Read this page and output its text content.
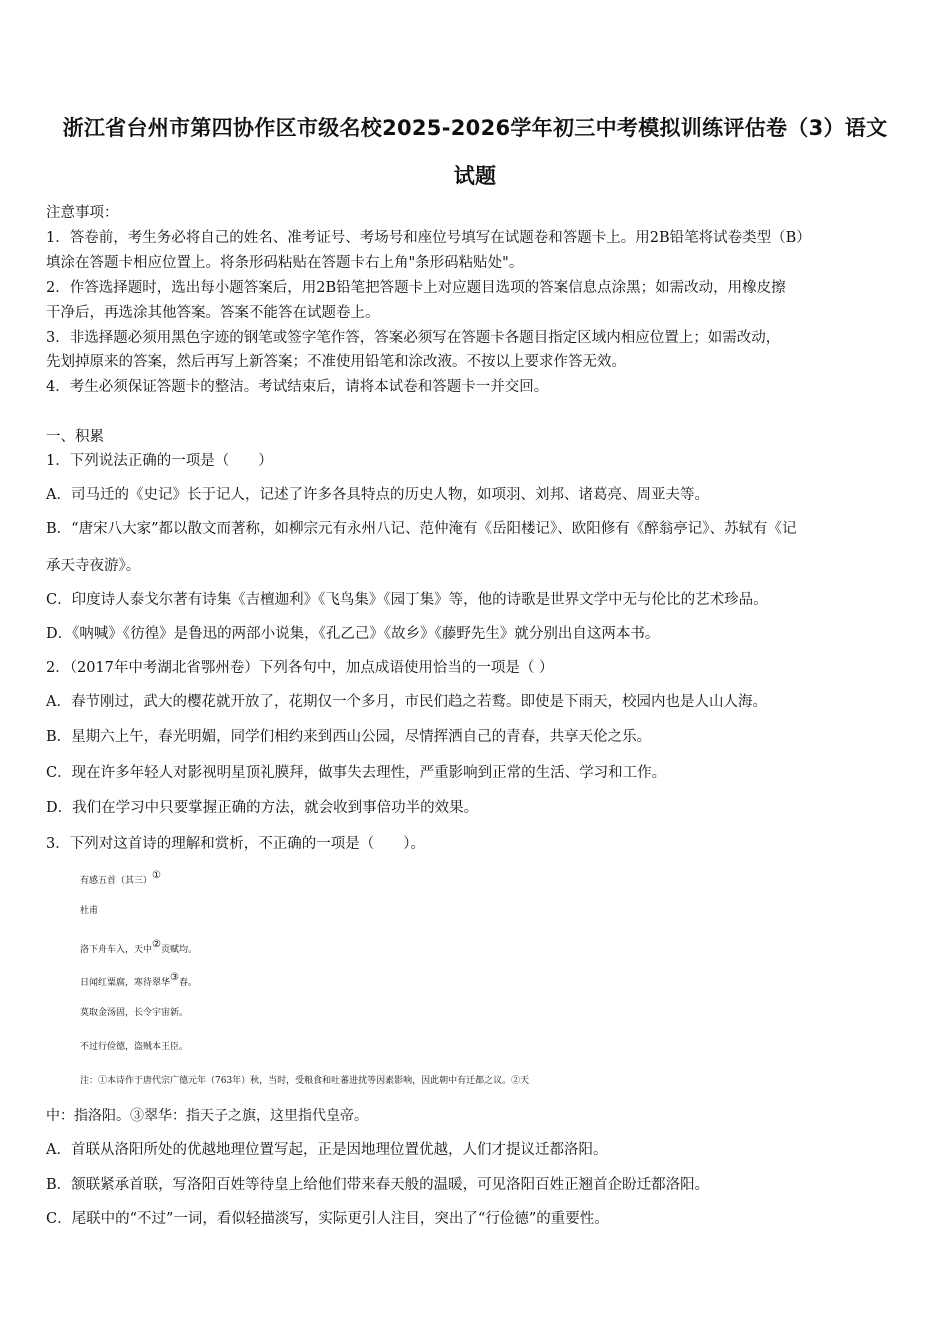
浙江省台州市第四协作区市级名校2025-2026学年初三中考模拟训练评估卷（3）语文
试题
注意事项：
1．答卷前，考生务必将自己的姓名、准考证号、考场号和座位号填写在试题卷和答题卡上。用2B铅笔将试卷类型（B）
填涂在答题卡相应位置上。将条形码粘贴在答题卡右上角"条形码粘贴处"。
2．作答选择题时，选出每小题答案后，用2B铅笔把答题卡上对应题目选项的答案信息点涂黑；如需改动，用橡皮擦
干净后，再选涂其他答案。答案不能答在试题卷上。
3．非选择题必须用黑色字迹的钢笔或签字笔作答，答案必须写在答题卡各题目指定区域内相应位置上；如需改动，
先划掉原来的答案，然后再写上新答案；不准使用铅笔和涂改液。不按以上要求作答无效。
4．考生必须保证答题卡的整洁。考试结束后，请将本试卷和答题卡一并交回。
一、积累
1．下列说法正确的一项是（　　）
A．司马迁的《史记》长于记人，记述了许多各具特点的历史人物，如项羽、刘邦、诸葛亮、周亚夫等。
B．“唐宋八大家”都以散文而著称，如柳宗元有永州八记、范仲淹有《岳阳楼记》、欧阳修有《醉翁亭记》、苏轼有《记
承天寺夜游》。
C．印度诗人泰戈尔著有诗集《吉檀迦利》《飞鸟集》《园丁集》等，他的诗歌是世界文学中无与伦比的艺术珍品。
D．《呐喊》《彷徨》是鲁迅的两部小说集，《孔乙己》《故乡》《藤野先生》就分别出自这两本书。
2．（2017年中考湖北省鄂州卷）下列各句中，加点成语使用恰当的一项是（ ）
A．春节刚过，武大的樱花就开放了，花期仅一个多月，市民们趋之若鹜。即使是下雨天，校园内也是人山人海。
B．星期六上午，春光明媚，同学们相约来到西山公园，尽情挥洒自己的青春，共享天伦之乐。
C．现在许多年轻人对影视明星顶礼膜拜，做事失去理性，严重影响到正常的生活、学习和工作。
D．我们在学习中只要掌握正确的方法，就会收到事倍功半的效果。
3．下列对这首诗的理解和赏析，不正确的一项是（　　）。
有感五首（其三）①
杜甫
洛下舟车入，天中②贡赋均。
日闻红粟腐，寒待翠华③春。
莫取金汤固，长令宇宙新。
不过行俭德，盗贼本王臣。
注：①本诗作于唐代宗广德元年（763年）秋，当时，受粮食和吐蕃进扰等因素影响，因此朝中有迁都之议。②天
中：指洛阳。③翠华：指天子之旗，这里指代皇帝。
A．首联从洛阳所处的优越地理位置写起，正是因地理位置优越，人们才提议迁都洛阳。
B．颔联紧承首联，写洛阳百姓等待皇上给他们带来春天般的温暖，可见洛阳百姓正翘首企盼迁都洛阳。
C．尾联中的“不过”一词，看似轻描淡写，实际更引人注目，突出了“行俭德”的重要性。
